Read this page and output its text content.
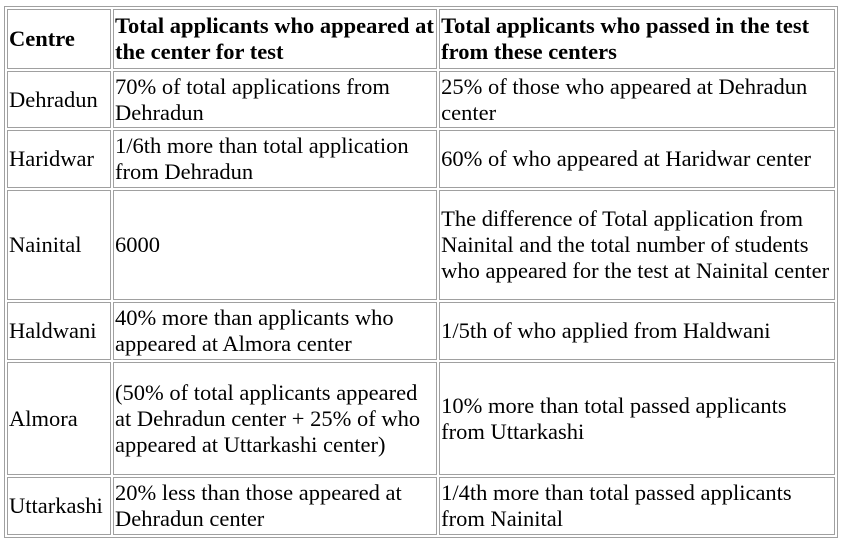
Centre	Total applicants who appeared at the center for test	Total applicants who passed in the test from these centers
Dehradun	70% of total applications from Dehradun	25% of those who appeared at Dehradun center
Haridwar	1/6th more than total application from Dehradun	60% of who appeared at Haridwar center
Nainital	6000	The difference of Total application from Nainital and the total number of students who appeared for the test at Nainital center
Haldwani	40% more than applicants who appeared at Almora center	1/5th of who applied from Haldwani
Almora	(50% of total applicants appeared at Dehradun center + 25% of who appeared at Uttarkashi center)	10% more than total passed applicants from Uttarkashi
Uttarkashi	20% less than those appeared at Dehradun center	1/4th more than total passed applicants from Nainital
